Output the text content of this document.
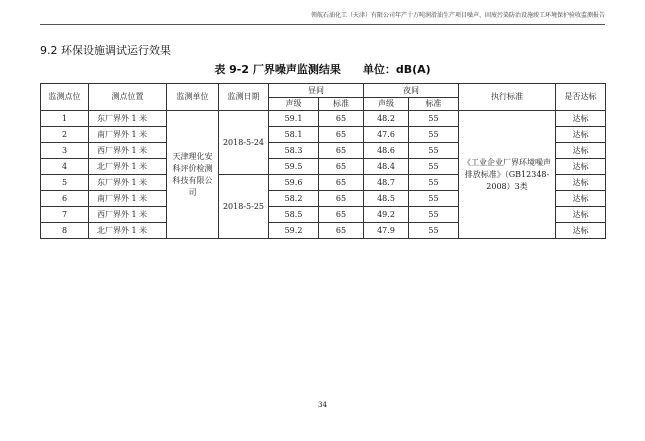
领航石油化工（天津）有限公司年产十万吨润滑油生产项目噪声、固废污染防治设施竣工环境保护验收监测报告
9.2 环保设施调试运行效果
表 9-2 厂界噪声监测结果　　单位：dB(A)
监测点位	测点位置	监测单位	监测日期	昼间		夜间		执行标准	是否达标
				声级	标准	声级	标准		
1	东厂界外 1 米	天津理化安科评价检测科技有限公司	2018-5-24	59.1	65	48.2	55	《工业企业厂界环境噪声排放标准》（GB12348-2008）3类	达标
2	南厂界外 1 米			58.1	65	47.6	55		达标
3	西厂界外 1 米			58.3	65	48.6	55		达标
4	北厂界外 1 米			59.5	65	48.4	55		达标
5	东厂界外 1 米		2018-5-25	59.6	65	48.7	55		达标
6	南厂界外 1 米			58.2	65	48.5	55		达标
7	西厂界外 1 米			58.5	65	49.2	55		达标
8	北厂界外 1 米			59.2	65	47.9	55		达标
34
